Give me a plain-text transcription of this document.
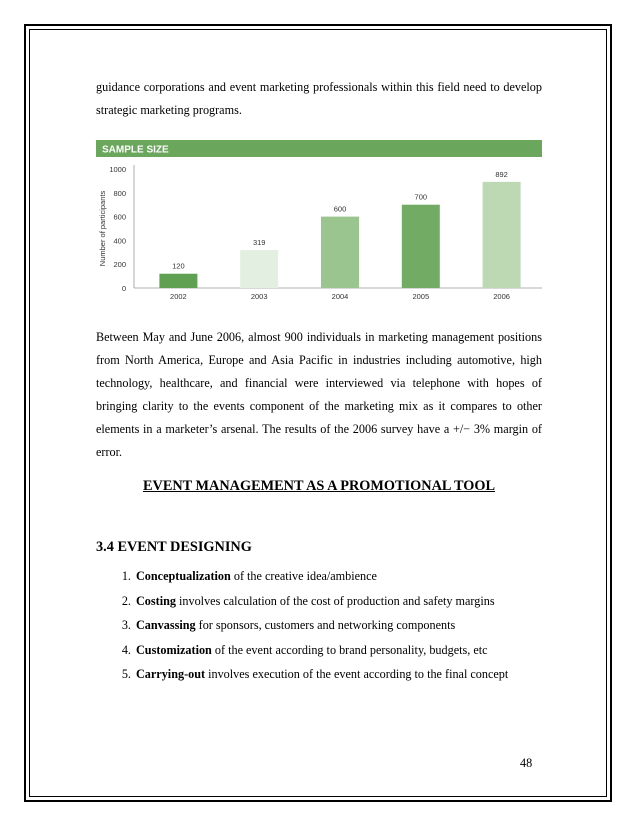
guidance corporations and event marketing professionals within this field need to develop strategic marketing programs.

SAMPLE SIZE
0
200
400
600
800
1000
Number of participants	120
2002
319
2003
600
2004
700
2005
892
2006

Between May and June 2006, almost 900 individuals in marketing management positions from North America, Europe and Asia Pacific in industries including automotive, high technology, healthcare, and financial were interviewed via telephone with hopes of bringing clarity to the events component of the marketing mix as it compares to other elements in a marketer’s arsenal. The results of the 2006 survey have a +/− 3% margin of error.

EVENT MANAGEMENT AS A PROMOTIONAL TOOL

3.4 EVENT DESIGNING

1. Conceptualization of the creative idea/ambience
2. Costing involves calculation of the cost of production and safety margins
3. Canvassing for sponsors, customers and networking components
4. Customization of the event according to brand personality, budgets, etc
5. Carrying-out involves execution of the event according to the final concept
48
